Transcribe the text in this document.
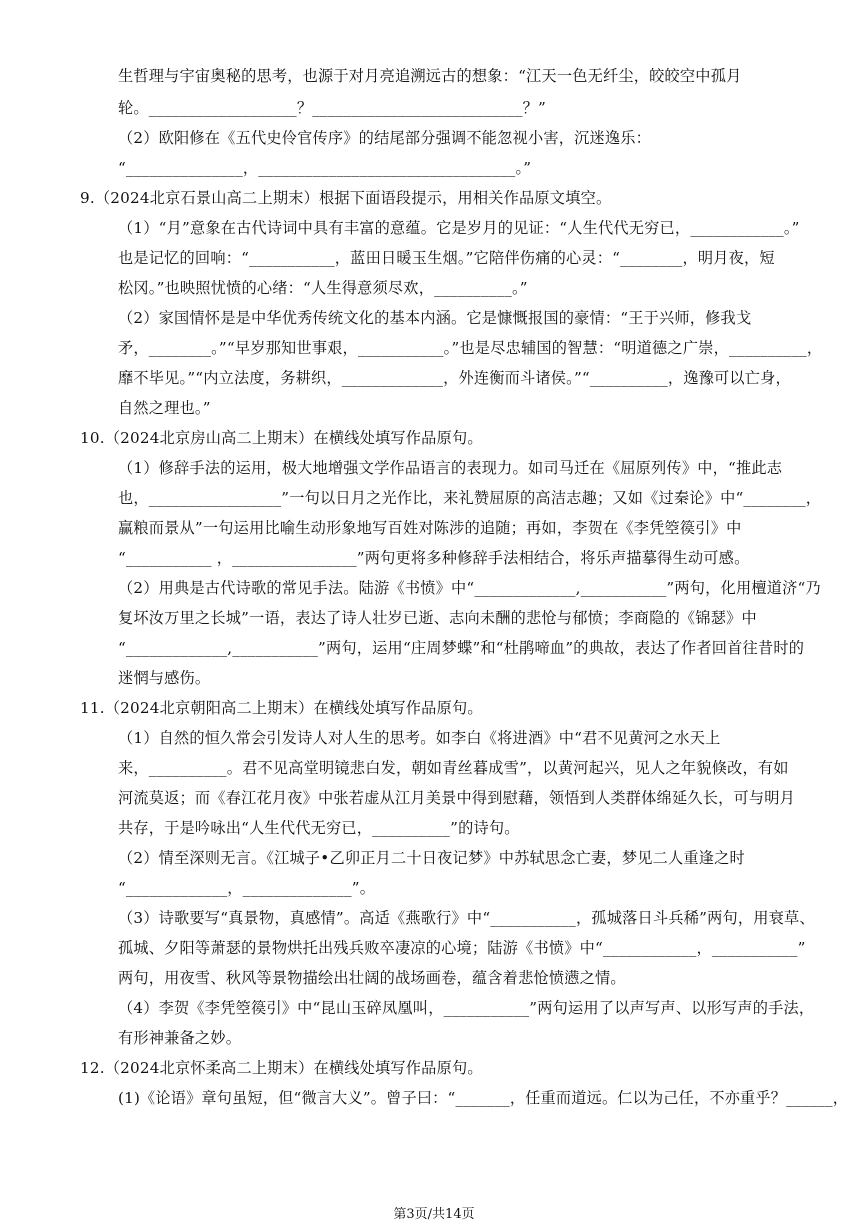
生哲理与宇宙奥秘的思考，也源于对月亮追溯远古的想象：“江天一色无纤尘，皎皎空中孤月
轮。___________________？___________________________？”
（2）欧阳修在《五代史伶官传序》的结尾部分强调不能忽视小害，沉迷逸乐：
“_______________，_________________________________。”
9.（2024北京石景山高二上期末）根据下面语段提示，用相关作品原文填空。
（1）“月”意象在古代诗词中具有丰富的意蕴。它是岁月的见证：“人生代代无穷已，____________。”
也是记忆的回响：“___________，蓝田日暖玉生烟。”它陪伴伤痛的心灵：“________，明月夜，短
松冈。”也映照忧愤的心绪：“人生得意须尽欢，__________。”
（2）家国情怀是是中华优秀传统文化的基本内涵。它是慷慨报国的豪情：“王于兴师，修我戈
矛，________。”“早岁那知世事艰，___________。”也是尽忠辅国的智慧：“明道德之广崇，__________，
靡不毕见。”“内立法度，务耕织，_____________，外连衡而斗诸侯。”“__________，逸豫可以亡身，
自然之理也。”
10.（2024北京房山高二上期末）在横线处填写作品原句。
（1）修辞手法的运用，极大地增强文学作品语言的表现力。如司马迁在《屈原列传》中，“推此志
也，_________________”一句以日月之光作比，来礼赞屈原的高洁志趣；又如《过秦论》中“________，
赢粮而景从”一句运用比喻生动形象地写百姓对陈涉的追随；再如，李贺在《李凭箜篌引》中
“___________ ，________________”两句更将多种修辞手法相结合，将乐声描摹得生动可感。
（2）用典是古代诗歌的常见手法。陆游《书愤》中“_____________,___________”两句，化用檀道济“乃
复坏汝万里之长城”一语，表达了诗人壮岁已逝、志向未酬的悲怆与郁愤；李商隐的《锦瑟》中
“_____________,___________”两句，运用“庄周梦蝶”和“杜鹃啼血”的典故，表达了作者回首往昔时的
迷惘与感伤。
11.（2024北京朝阳高二上期末）在横线处填写作品原句。
（1）自然的恒久常会引发诗人对人生的思考。如李白《将进酒》中“君不见黄河之水天上
来，__________。君不见高堂明镜悲白发，朝如青丝暮成雪”，以黄河起兴，见人之年貌倏改，有如
河流莫返；而《春江花月夜》中张若虚从江月美景中得到慰藉，领悟到人类群体绵延久长，可与明月
共存，于是吟咏出“人生代代无穷已，__________”的诗句。
（2）情至深则无言。《江城子•乙卯正月二十日夜记梦》中苏轼思念亡妻，梦见二人重逢之时
“_____________，______________”。
（3）诗歌要写“真景物，真感情”。高适《燕歌行》中“___________，孤城落日斗兵稀”两句，用衰草、
孤城、夕阳等萧瑟的景物烘托出残兵败卒凄凉的心境；陆游《书愤》中“____________，___________”
两句，用夜雪、秋风等景物描绘出壮阔的战场画卷，蕴含着悲怆愤懑之情。
（4）李贺《李凭箜篌引》中“昆山玉碎凤凰叫，___________”两句运用了以声写声、以形写声的手法，
有形神兼备之妙。
12.（2024北京怀柔高二上期末）在横线处填写作品原句。
(1)《论语》章句虽短，但“微言大义”。曾子曰：“_______，任重而道远。仁以为己任，不亦重乎？______，
第3页/共14页
